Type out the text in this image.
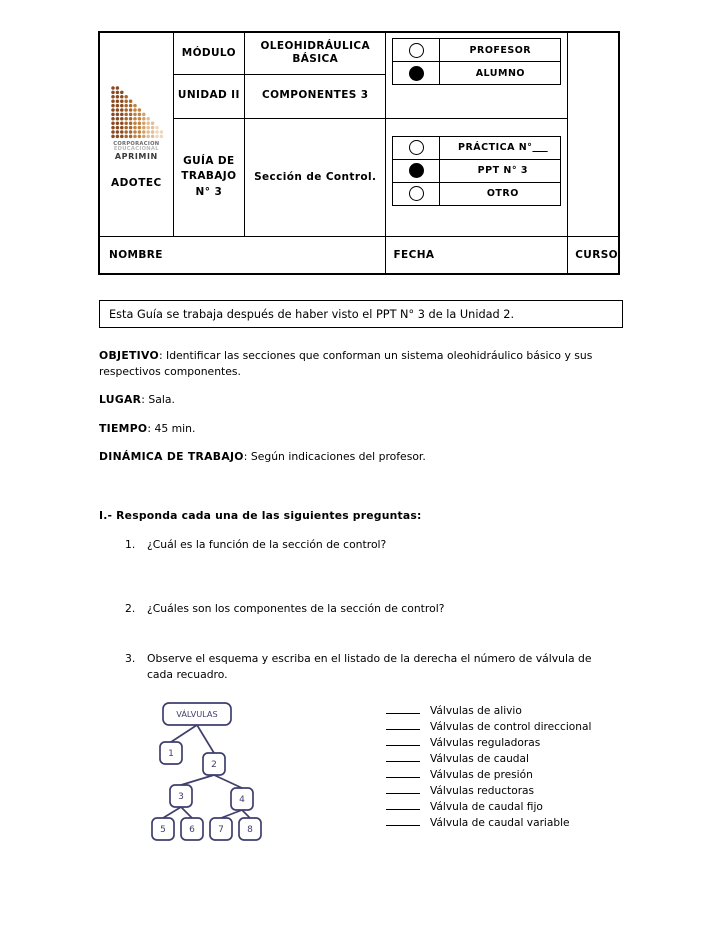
CORPORACION
EDUCACIONAL
APRIMIN
ADOTEC
	MÓDULO	OLEOHIDRÁULICA BÁSICA	
	PROFESOR
	ALUMNO

UNIDAD II	COMPONENTES 3
GUÍA DE TRABAJO N° 3	Sección de Control.	
	PRÁCTICA N°
	PPT N° 3
	OTRO

NOMBRE	FECHA	CURSO
Esta Guía se trabaja después de haber visto el PPT N° 3 de la Unidad 2.

OBJETIVO: Identificar las secciones que conforman un sistema oleohidráulico básico y sus respectivos componentes.

LUGAR: Sala.

TIEMPO: 45 min.

DINÁMICA DE TRABAJO: Según indicaciones del profesor.

I.- Responda cada una de las siguientes preguntas:
1.	¿Cuál es la función de la sección de control?
2.	¿Cuáles son los componentes de la sección de control?
3.	Observe el esquema y escriba en el listado de la derecha el número de válvula de cada recuadro.
VÁLVULAS
1
2
3	4
5	6	7	8
Válvulas de alivio
Válvulas de control direccional
Válvulas reguladoras
Válvulas de caudal
Válvulas de presión
Válvulas reductoras
Válvula de caudal fijo
Válvula de caudal variable
